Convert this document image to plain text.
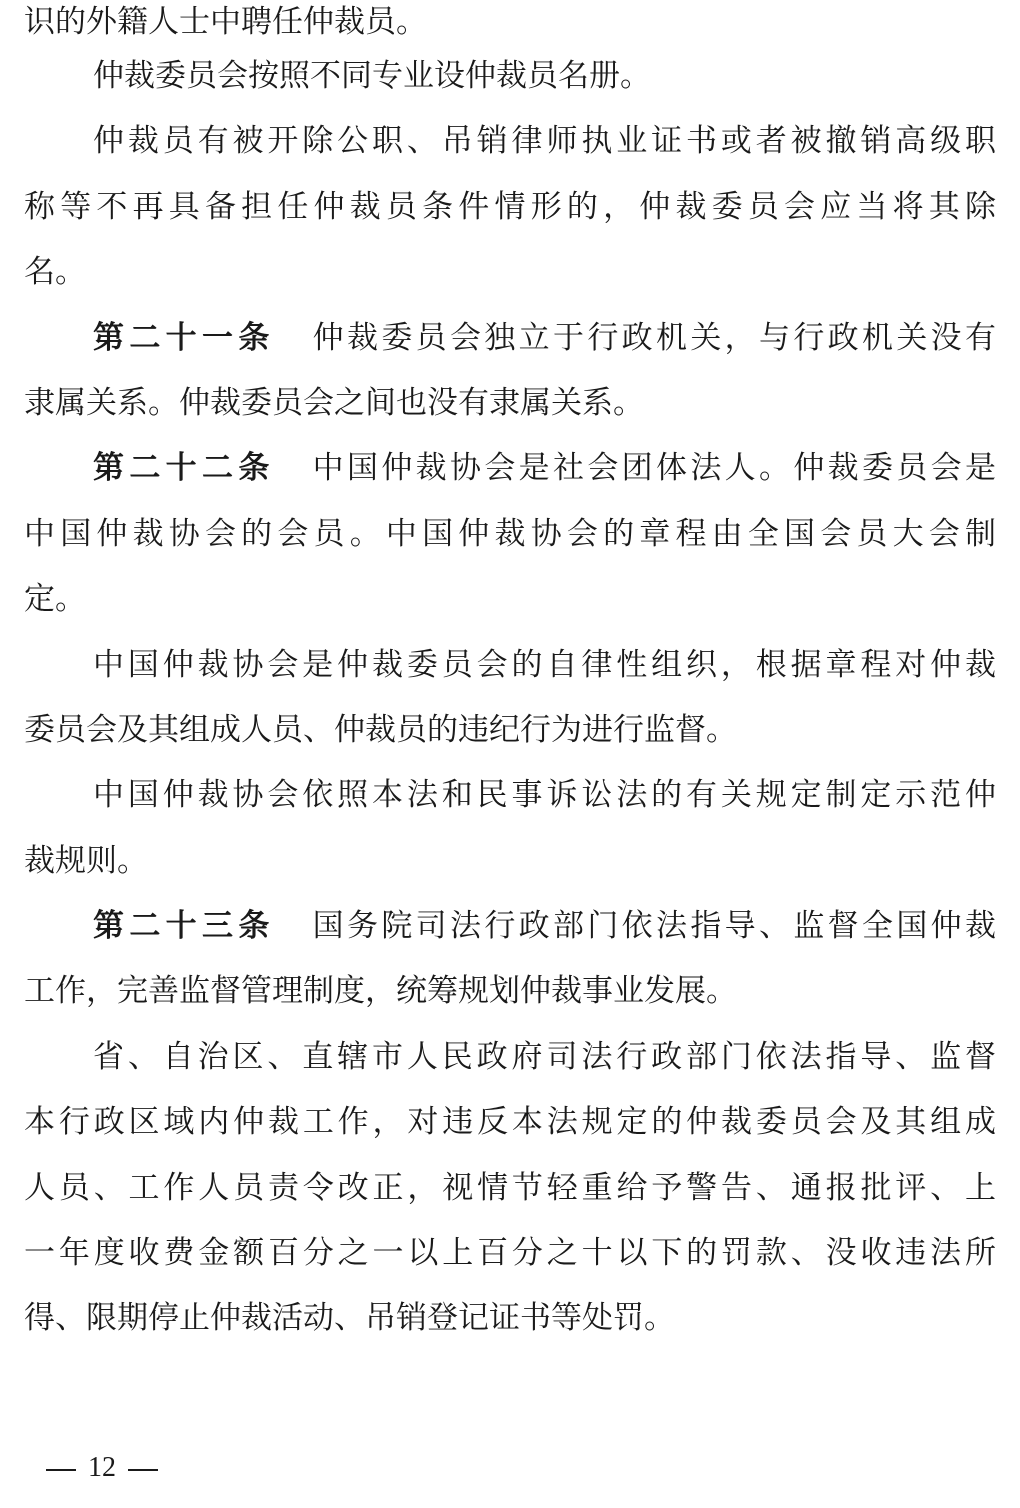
识的外籍人士中聘任仲裁员。
仲裁委员会按照不同专业设仲裁员名册。
仲裁员有被开除公职、吊销律师执业证书或者被撤销高级职
称等不再具备担任仲裁员条件情形的，仲裁委员会应当将其除
名。
第二十一条 仲裁委员会独立于行政机关，与行政机关没有
隶属关系。仲裁委员会之间也没有隶属关系。
第二十二条 中国仲裁协会是社会团体法人。仲裁委员会是
中国仲裁协会的会员。中国仲裁协会的章程由全国会员大会制
定。
中国仲裁协会是仲裁委员会的自律性组织，根据章程对仲裁
委员会及其组成人员、仲裁员的违纪行为进行监督。
中国仲裁协会依照本法和民事诉讼法的有关规定制定示范仲
裁规则。
第二十三条 国务院司法行政部门依法指导、监督全国仲裁
工作，完善监督管理制度，统筹规划仲裁事业发展。
省、自治区、直辖市人民政府司法行政部门依法指导、监督
本行政区域内仲裁工作，对违反本法规定的仲裁委员会及其组成
人员、工作人员责令改正，视情节轻重给予警告、通报批评、上
一年度收费金额百分之一以上百分之十以下的罚款、没收违法所
得、限期停止仲裁活动、吊销登记证书等处罚。
12
